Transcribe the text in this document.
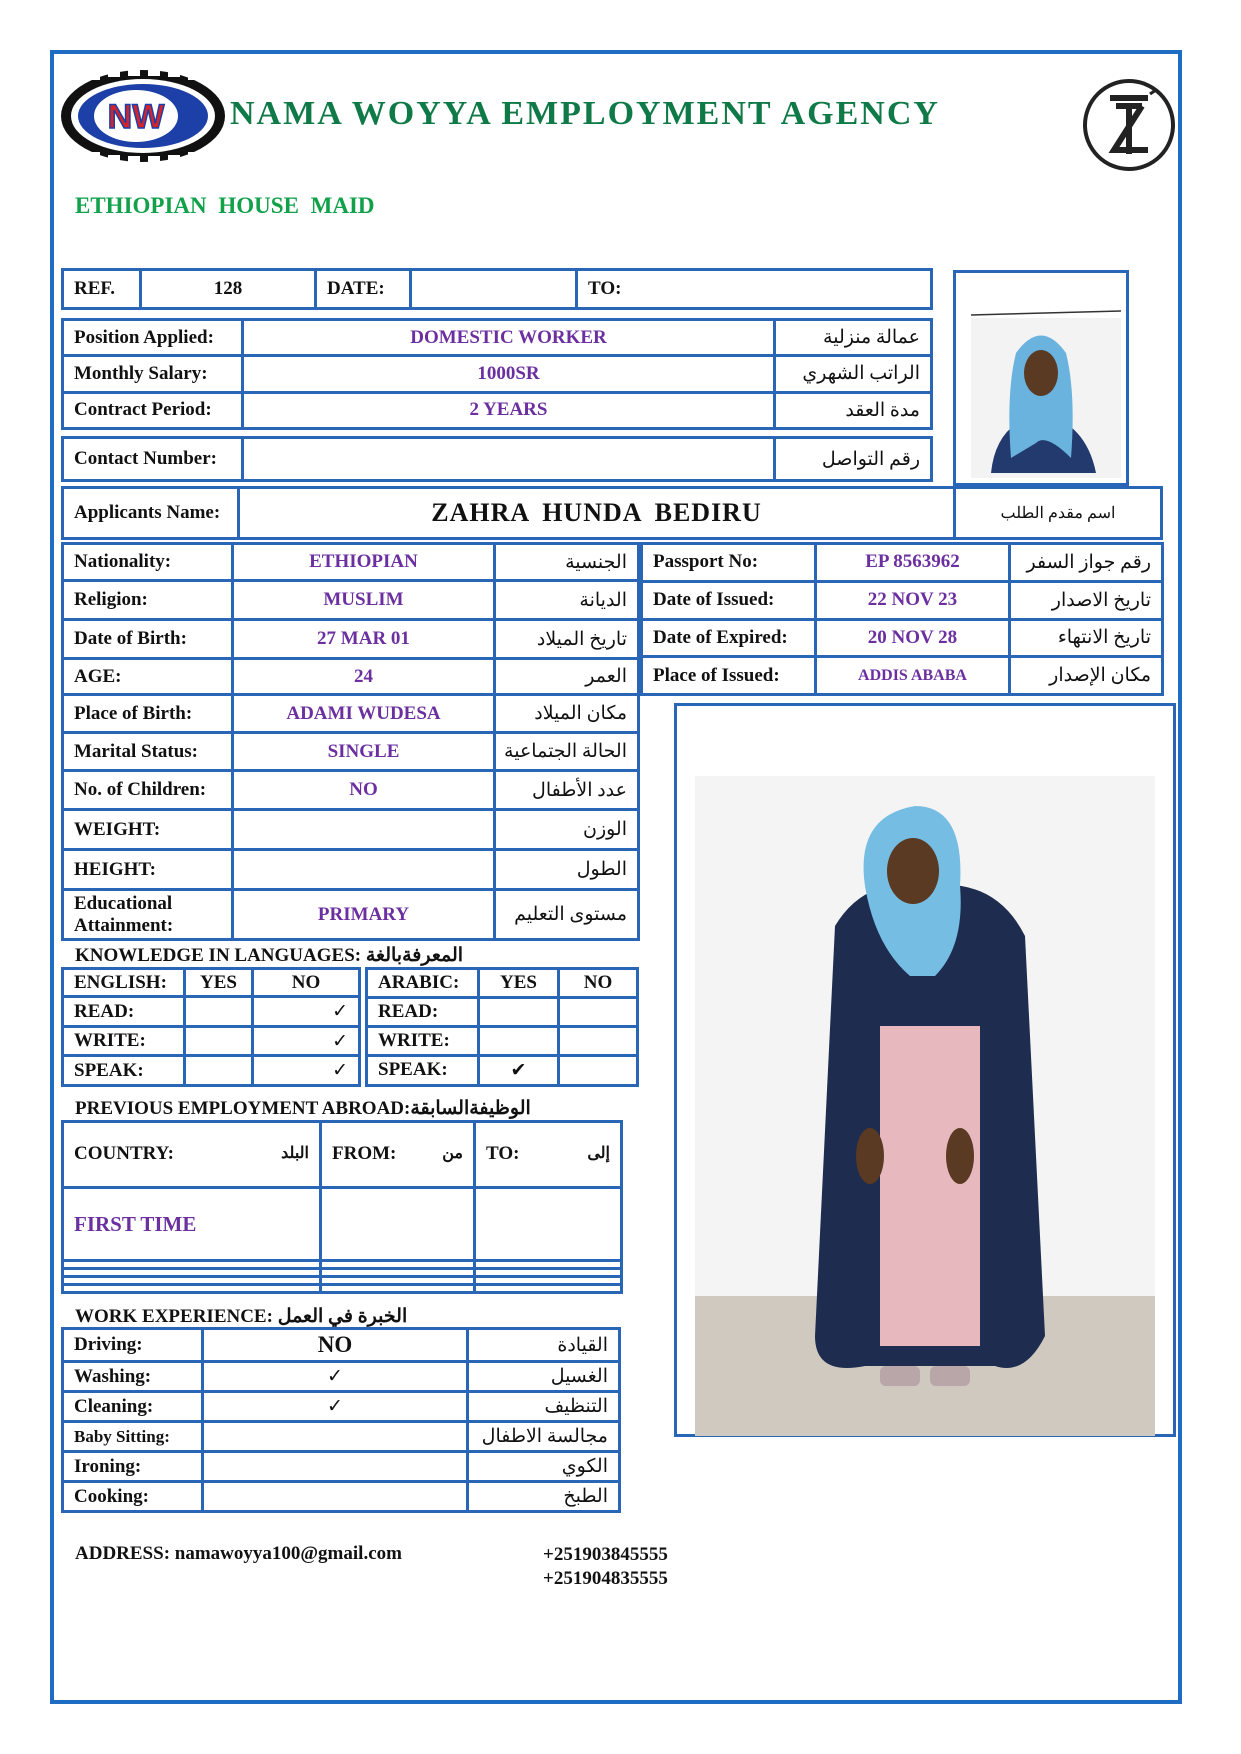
NW NAMA WOYYA EMPLOYMENT AGENCY
ETHIOPIAN HOUSE MAID
REF.	128	DATE:		TO:
Position Applied:	DOMESTIC WORKER	عمالة منزلية
Monthly Salary:	1000SR	الراتب الشهري
Contract Period:	2 YEARS	مدة العقد
Contact Number:		رقم التواصل
Applicants Name:	ZAHRA HUNDA BEDIRU	اسم مقدم الطلب
Nationality:	ETHIOPIAN	الجنسية
Religion:	MUSLIM	الديانة
Date of Birth:	27 MAR 01	تاريخ الميلاد
AGE:	24	العمر
Place of Birth:	ADAMI WUDESA	مكان الميلاد
Marital Status:	SINGLE	الحالة الجتماعية
No. of Children:	NO	عدد الأطفال
WEIGHT:		الوزن
HEIGHT:		الطول
Educational Attainment:	PRIMARY	مستوى التعليم
Passport No:	EP 8563962	رقم جواز السفر
Date of Issued:	22 NOV 23	تاريخ الاصدار
Date of Expired:	20 NOV 28	تاريخ الانتهاء
Place of Issued:	ADDIS ABABA	مكان الإصدار
KNOWLEDGE IN LANGUAGES: المعرفةبالغة
ENGLISH:	YES	NO
READ:		✓
WRITE:		✓
SPEAK:		✓
ARABIC:	YES	NO
READ:		
WRITE:		
SPEAK:	✔	
PREVIOUS EMPLOYMENT ABROAD:الوظيفةالسابقة
COUNTRY: البلد	FROM: من	TO: إلى

FIRST TIME		

WORK EXPERIENCE: الخبرة في العمل
Driving:	NO	القيادة
Washing:	✓	الغسيل
Cleaning:	✓	التنظيف
Baby Sitting:		مجالسة الاطفال
Ironing:		الكوي
Cooking:		الطبخ
ADDRESS: namawoyya100@gmail.com	+251903845555
+251904835555
